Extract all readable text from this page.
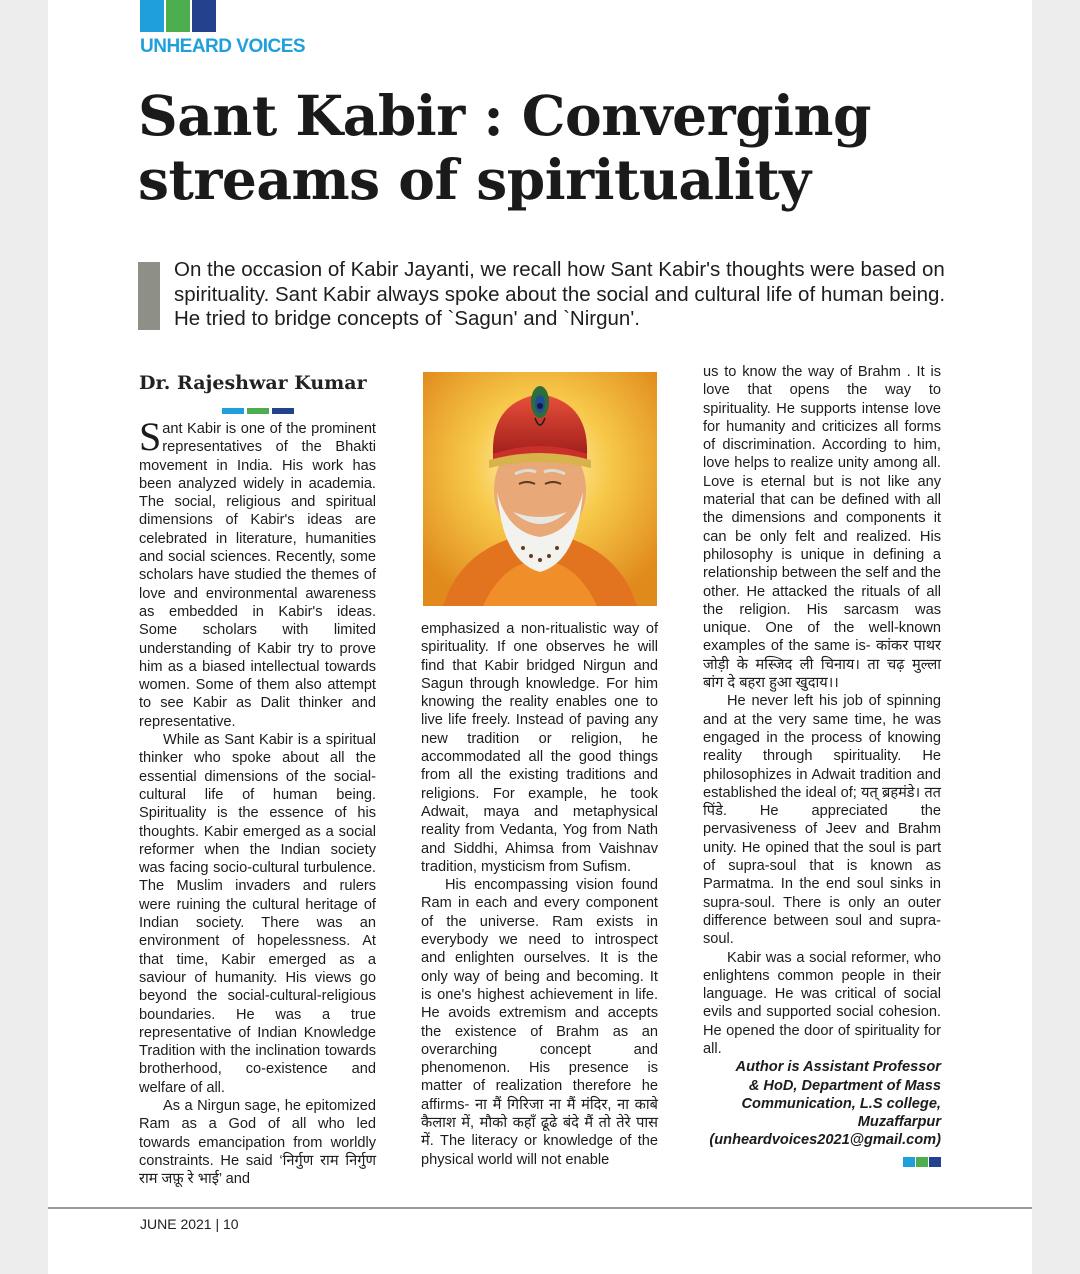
UNHEARD VOICES
Sant Kabir : Converging streams of spirituality
On the occasion of Kabir Jayanti, we recall how Sant Kabir's thoughts were based on spirituality. Sant Kabir always spoke about the social and cultural life of human being. He tried to bridge concepts of `Sagun' and `Nirgun'.
Dr. Rajeshwar Kumar

Sant Kabir is one of the prominent representatives of the Bhakti movement in India. His work has been analyzed widely in academia. The social, religious and spiritual dimensions of Kabir's ideas are celebrated in literature, humanities and social sciences. Recently, some scholars have studied the themes of love and environmental awareness as embedded in Kabir's ideas. Some scholars with limited understanding of Kabir try to prove him as a biased intellectual towards women. Some of them also attempt to see Kabir as Dalit thinker and representative.

While as Sant Kabir is a spiritual thinker who spoke about all the essential dimensions of the social-cultural life of human being. Spirituality is the essence of his thoughts. Kabir emerged as a social reformer when the Indian society was facing socio-cultural turbulence. The Muslim invaders and rulers were ruining the cultural heritage of Indian society. There was an environment of hopelessness. At that time, Kabir emerged as a saviour of humanity. His views go beyond the social-cultural-religious boundaries. He was a true representative of Indian Knowledge Tradition with the inclination towards brotherhood, co-existence and welfare of all.

As a Nirgun sage, he epitomized Ram as a God of all who led towards emancipation from worldly constraints. He said ‘निर्गुण राम निर्गुण राम जफ़ू रे भाई’ and

emphasized a non-ritualistic way of spirituality. If one observes he will find that Kabir bridged Nirgun and Sagun through knowledge. For him knowing the reality enables one to live life freely. Instead of paving any new tradition or religion, he accommodated all the good things from all the existing traditions and religions. For example, he took Adwait, maya and metaphysical reality from Vedanta, Yog from Nath and Siddhi, Ahimsa from Vaishnav tradition, mysticism from Sufism.

His encompassing vision found Ram in each and every component of the universe. Ram exists in everybody we need to introspect and enlighten ourselves. It is the only way of being and becoming. It is one's highest achievement in life. He avoids extremism and accepts the existence of Brahm as an overarching concept and phenomenon. His presence is matter of realization therefore he affirms- ना मैं गिरिजा ना मैं मंदिर, ना काबे कैलाश में, मौको कहाँ ढूढे बंदे मैं तो तेरे पास में. The literacy or knowledge of the physical world will not enable

us to know the way of Brahm . It is love that opens the way to spirituality. He supports intense love for humanity and criticizes all forms of discrimination. According to him, love helps to realize unity among all. Love is eternal but is not like any material that can be defined with all the dimensions and components it can be only felt and realized. His philosophy is unique in defining a relationship between the self and the other. He attacked the rituals of all the religion. His sarcasm was unique. One of the well-known examples of the same is- कांकर पाथर जोड़ी के मस्जिद ली चिनाय। ता चढ़ मुल्ला बांग दे बहरा हुआ खुदाय।।

He never left his job of spinning and at the very same time, he was engaged in the process of knowing reality through spirituality. He philosophizes in Adwait tradition and established the ideal of; यत् ब्रहमंडे। तत पिंडे. He appreciated the pervasiveness of Jeev and Brahm unity. He opined that the soul is part of supra-soul that is known as Parmatma. In the end soul sinks in supra-soul. There is only an outer difference between soul and supra-soul.

Kabir was a social reformer, who enlightens common people in their language. He was critical of social evils and supported social cohesion. He opened the door of spirituality for all.

Author is Assistant Professor
& HoD, Department of Mass
Communication, L.S college,
Muzaffarpur
(unheardvoices2021@gmail.com)
JUNE 2021 | 10
